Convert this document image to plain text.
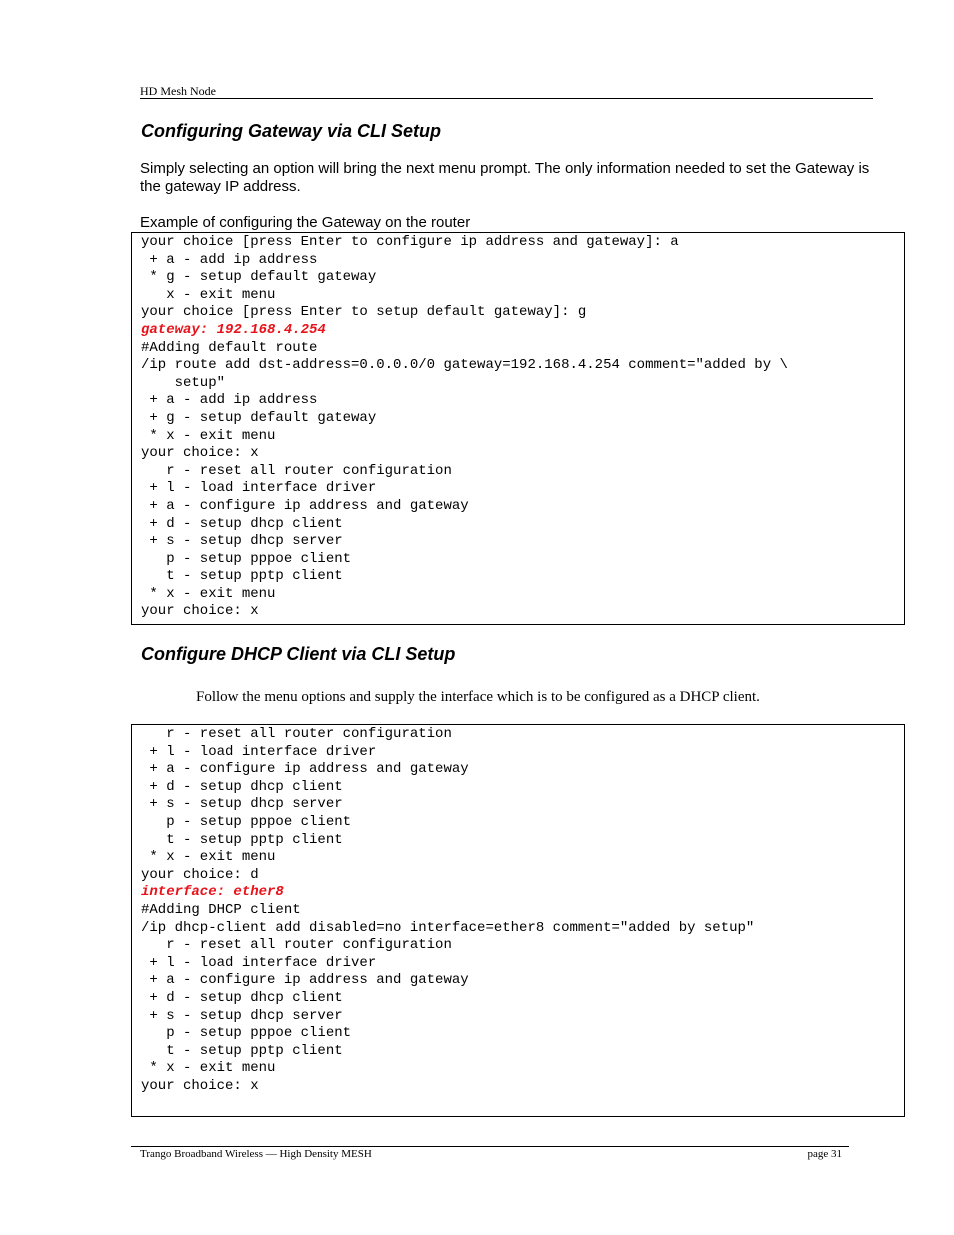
HD Mesh Node
Configuring Gateway via CLI Setup
Simply selecting an option will bring the next menu prompt. The only information needed to set the Gateway is the gateway IP address.
Example of configuring the Gateway on the router
your choice [press Enter to configure ip address and gateway]: a
+ a - add ip address
* g - setup default gateway
x - exit menu
your choice [press Enter to setup default gateway]: g
gateway: 192.168.4.254
#Adding default route
/ip route add dst-address=0.0.0.0/0 gateway=192.168.4.254 comment="added by \
setup"
+ a - add ip address
+ g - setup default gateway
* x - exit menu
your choice: x
r - reset all router configuration
+ l - load interface driver
+ a - configure ip address and gateway
+ d - setup dhcp client
+ s - setup dhcp server
p - setup pppoe client
t - setup pptp client
* x - exit menu
your choice: x
Configure DHCP Client via CLI Setup
Follow the menu options and supply the interface which is to be configured as a DHCP client.
r - reset all router configuration
+ l - load interface driver
+ a - configure ip address and gateway
+ d - setup dhcp client
+ s - setup dhcp server
p - setup pppoe client
t - setup pptp client
* x - exit menu
your choice: d
interface: ether8
#Adding DHCP client
/ip dhcp-client add disabled=no interface=ether8 comment="added by setup"
r - reset all router configuration
+ l - load interface driver
+ a - configure ip address and gateway
+ d - setup dhcp client
+ s - setup dhcp server
p - setup pppoe client
t - setup pptp client
* x - exit menu
your choice: x
Trango Broadband Wireless — High Density MESH	page 31
